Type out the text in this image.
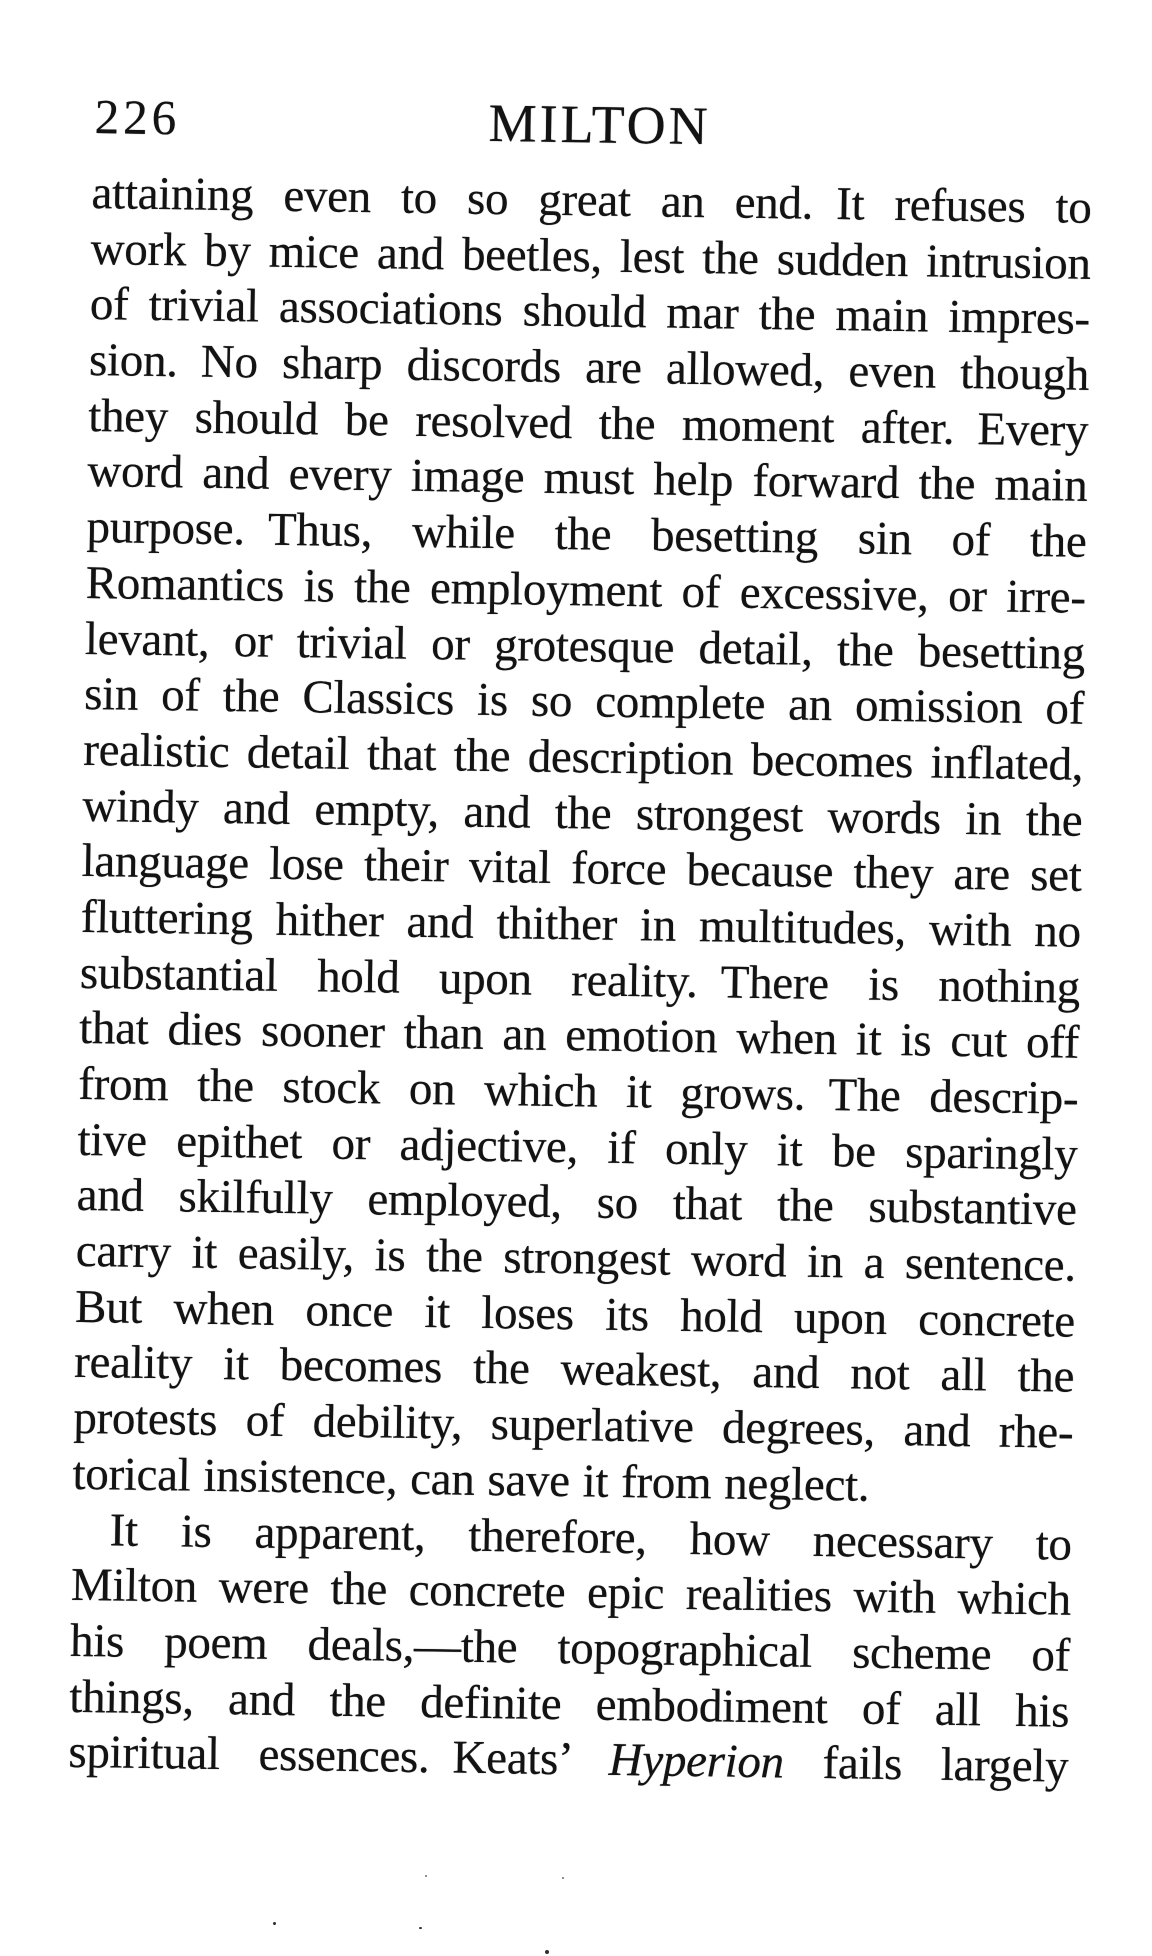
226	MILTON
attaining even to so great an end. It refuses to
work by mice and beetles, lest the sudden intrusion
of trivial associations should mar the main impres-
sion. No sharp discords are allowed, even though
they should be resolved the moment after. Every
word and every image must help forward the main
purpose. Thus, while the besetting sin of the
Romantics is the employment of excessive, or irre-
levant, or trivial or grotesque detail, the besetting
sin of the Classics is so complete an omission of
realistic detail that the description becomes inflated,
windy and empty, and the strongest words in the
language lose their vital force because they are set
fluttering hither and thither in multitudes, with no
substantial hold upon reality. There is nothing
that dies sooner than an emotion when it is cut off
from the stock on which it grows. The descrip-
tive epithet or adjective, if only it be sparingly
and skilfully employed, so that the substantive
carry it easily, is the strongest word in a sentence.
But when once it loses its hold upon concrete
reality it becomes the weakest, and not all the
protests of debility, superlative degrees, and rhe-
torical insistence, can save it from neglect.
It is apparent, therefore, how necessary to
Milton were the concrete epic realities with which
his poem deals,—the topographical scheme of
things, and the definite embodiment of all his
spiritual essences. Keats’ Hyperion fails largely
